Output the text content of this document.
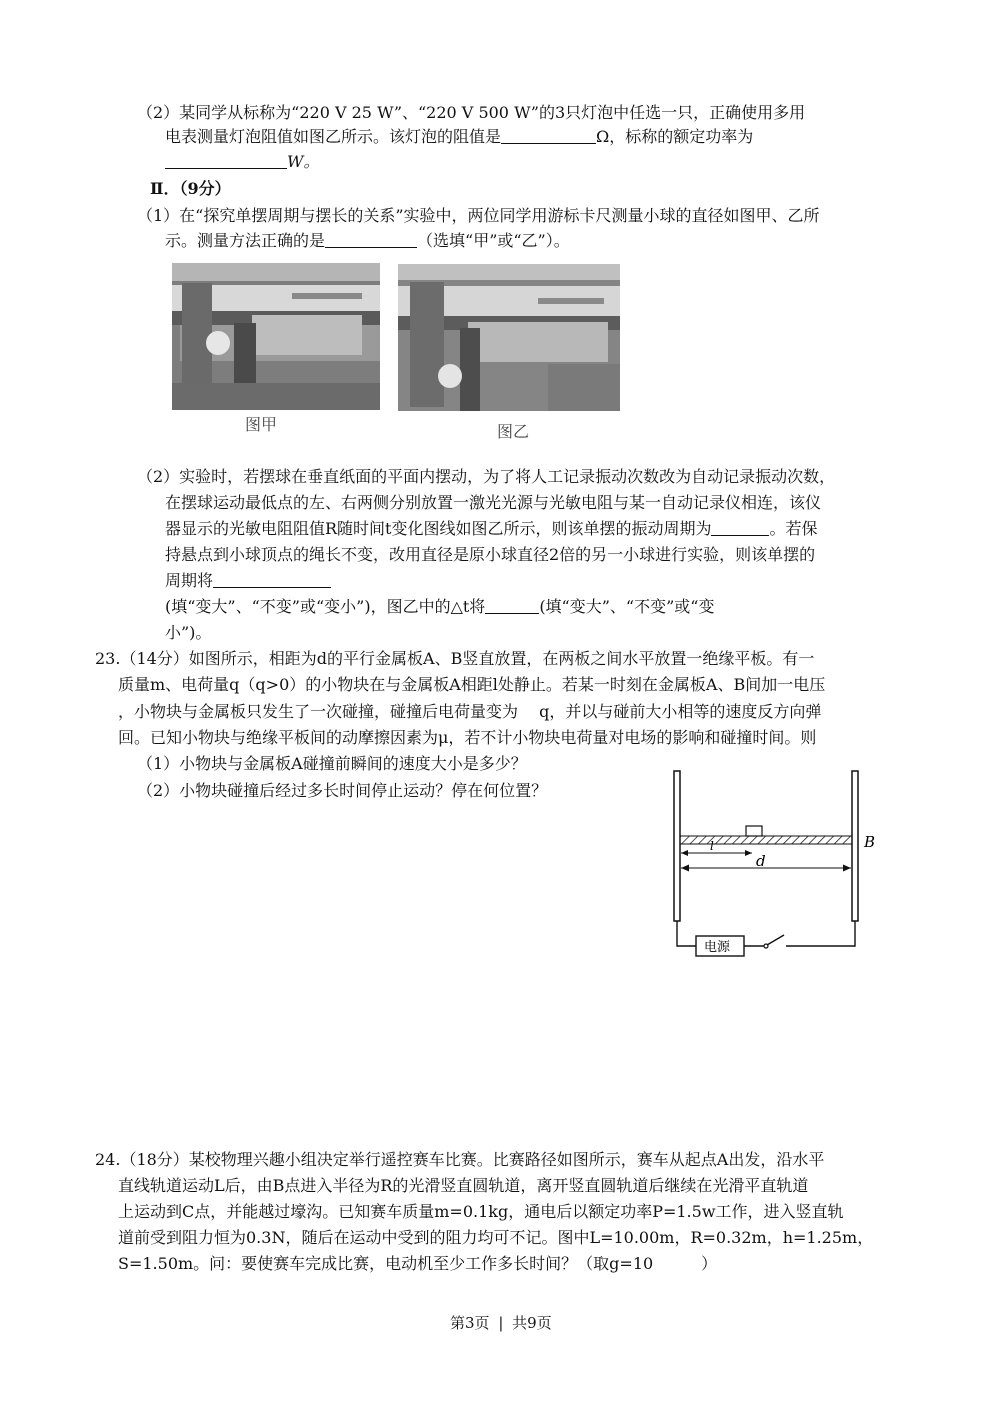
（2）某同学从标称为“220 V 25 W”、“220 V 500 W”的3只灯泡中任选一只，正确使用多用
电表测量灯泡阻值如图乙所示。该灯泡的阻值是	Ω，标称的额定功率为
W。
Ⅱ．（9分）
（1）在“探究单摆周期与摆长的关系”实验中，两位同学用游标卡尺测量小球的直径如图甲、乙所
示。测量方法正确的是	（选填“甲”或“乙”）。
图甲	图乙
（2）实验时，若摆球在垂直纸面的平面内摆动，为了将人工记录振动次数改为自动记录振动次数，
在摆球运动最低点的左、右两侧分别放置一激光光源与光敏电阻与某一自动记录仪相连，该仪
器显示的光敏电阻阻值R随时间t变化图线如图乙所示，则该单摆的振动周期为	。若保
持悬点到小球顶点的绳长不变，改用直径是原小球直径2倍的另一小球进行实验，则该单摆的
周期将
(填“变大”、“不变”或“变小”)，图乙中的△t将	(填“变大”、“不变”或“变
小”)。
23.（14分）如图所示，相距为d的平行金属板A、B竖直放置，在两板之间水平放置一绝缘平板。有一
质量m、电荷量q（q>0）的小物块在与金属板A相距l处静止。若某一时刻在金属板A、B间加一电压
，小物块与金属板只发生了一次碰撞，碰撞后电荷量变为　 q，并以与碰前大小相等的速度反方向弹
回。已知小物块与绝缘平板间的动摩擦因素为μ，若不计小物块电荷量对电场的影响和碰撞时间。则
（1）小物块与金属板A碰撞前瞬间的速度大小是多少？
（2）小物块碰撞后经过多长时间停止运动？停在何位置？
l
d
B
电源
24.（18分）某校物理兴趣小组决定举行遥控赛车比赛。比赛路径如图所示，赛车从起点A出发，沿水平
直线轨道运动L后，由B点进入半径为R的光滑竖直圆轨道，离开竖直圆轨道后继续在光滑平直轨道
上运动到C点，并能越过壕沟。已知赛车质量m=0.1kg，通电后以额定功率P=1.5w工作，进入竖直轨
道前受到阻力恒为0.3N，随后在运动中受到的阻力均可不记。图中L=10.00m，R=0.32m，h=1.25m，
S=1.50m。问：要使赛车完成比赛，电动机至少工作多长时间？（取g=10　　　）
第3页 | 共9页
